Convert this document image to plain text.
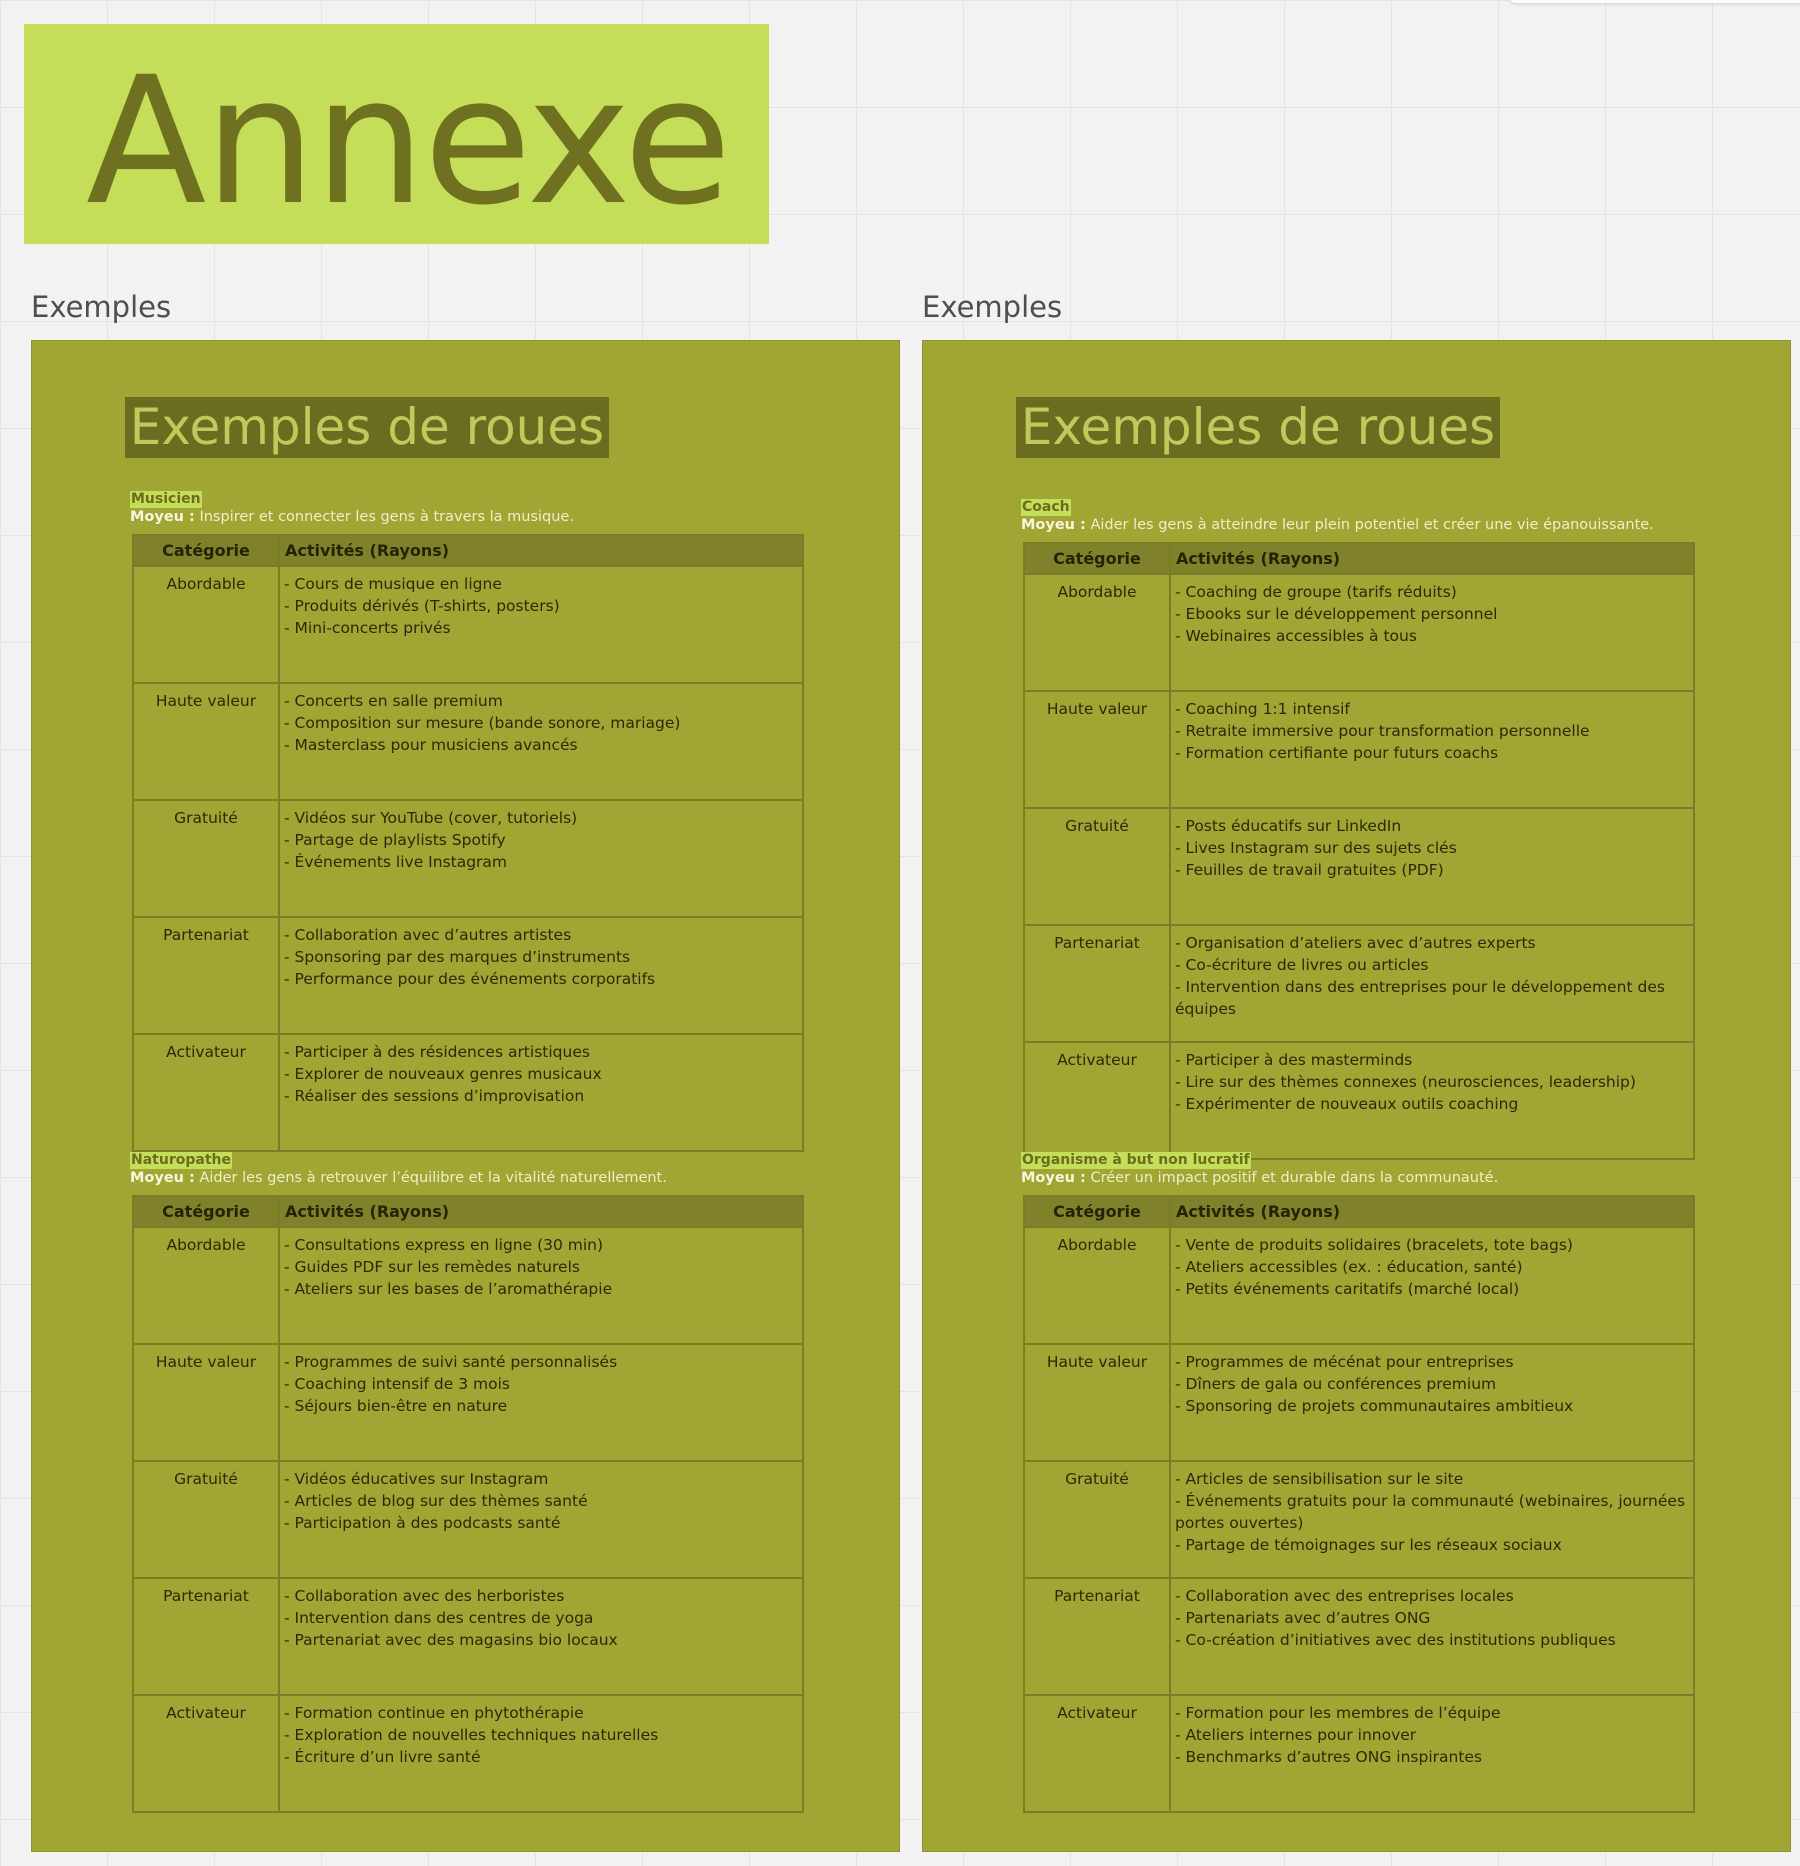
Annexe
Exemples	Exemples
Exemples de roues
Musicien
Moyeu : Inspirer et connecter les gens à travers la musique.
Catégorie	Activités (Rayons)
Abordable	- Cours de musique en ligne
- Produits dérivés (T-shirts, posters)
- Mini-concerts privés

Haute valeur	- Concerts en salle premium
- Composition sur mesure (bande sonore, mariage)
- Masterclass pour musiciens avancés

Gratuité	- Vidéos sur YouTube (cover, tutoriels)
- Partage de playlists Spotify
- Événements live Instagram

Partenariat	- Collaboration avec d’autres artistes
- Sponsoring par des marques d’instruments
- Performance pour des événements corporatifs

Activateur	- Participer à des résidences artistiques
- Explorer de nouveaux genres musicaux
- Réaliser des sessions d’improvisation
Naturopathe
Moyeu : Aider les gens à retrouver l’équilibre et la vitalité naturellement.
Catégorie	Activités (Rayons)
Abordable	- Consultations express en ligne (30 min)
- Guides PDF sur les remèdes naturels
- Ateliers sur les bases de l’aromathérapie

Haute valeur	- Programmes de suivi santé personnalisés
- Coaching intensif de 3 mois
- Séjours bien-être en nature

Gratuité	- Vidéos éducatives sur Instagram
- Articles de blog sur des thèmes santé
- Participation à des podcasts santé

Partenariat	- Collaboration avec des herboristes
- Intervention dans des centres de yoga
- Partenariat avec des magasins bio locaux

Activateur	- Formation continue en phytothérapie
- Exploration de nouvelles techniques naturelles
- Écriture d’un livre santé
Exemples de roues
Coach
Moyeu : Aider les gens à atteindre leur plein potentiel et créer une vie épanouissante.
Catégorie	Activités (Rayons)
Abordable	- Coaching de groupe (tarifs réduits)
- Ebooks sur le développement personnel
- Webinaires accessibles à tous

Haute valeur	- Coaching 1:1 intensif
- Retraite immersive pour transformation personnelle
- Formation certifiante pour futurs coachs

Gratuité	- Posts éducatifs sur LinkedIn
- Lives Instagram sur des sujets clés
- Feuilles de travail gratuites (PDF)

Partenariat	- Organisation d’ateliers avec d’autres experts
- Co-écriture de livres ou articles
- Intervention dans des entreprises pour le développement des équipes

Activateur	- Participer à des masterminds
- Lire sur des thèmes connexes (neurosciences, leadership)
- Expérimenter de nouveaux outils coaching
Organisme à but non lucratif
Moyeu : Créer un impact positif et durable dans la communauté.
Catégorie	Activités (Rayons)
Abordable	- Vente de produits solidaires (bracelets, tote bags)
- Ateliers accessibles (ex. : éducation, santé)
- Petits événements caritatifs (marché local)

Haute valeur	- Programmes de mécénat pour entreprises
- Dîners de gala ou conférences premium
- Sponsoring de projets communautaires ambitieux

Gratuité	- Articles de sensibilisation sur le site
- Événements gratuits pour la communauté (webinaires, journées portes ouvertes)
- Partage de témoignages sur les réseaux sociaux

Partenariat	- Collaboration avec des entreprises locales
- Partenariats avec d’autres ONG
- Co-création d’initiatives avec des institutions publiques

Activateur	- Formation pour les membres de l’équipe
- Ateliers internes pour innover
- Benchmarks d’autres ONG inspirantes
